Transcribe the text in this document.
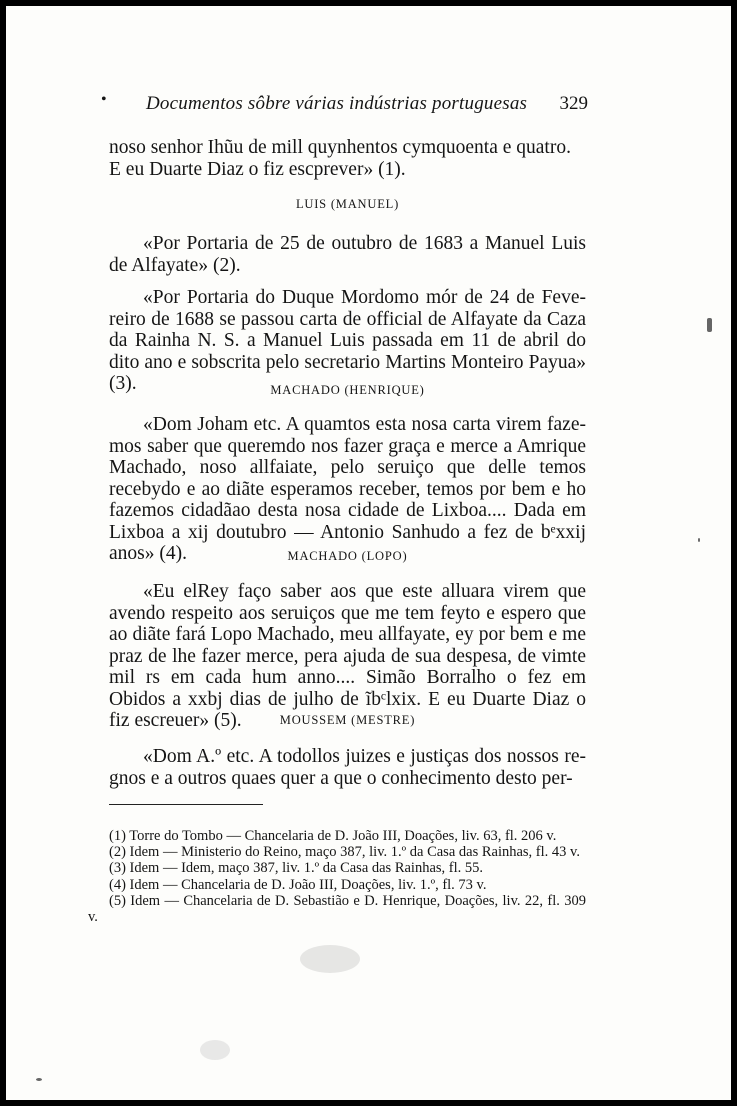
• Documentos sôbre várias indústrias portuguesas 329

noso senhor Ihũu de mill quynhentos cymquoenta e quatro.

E eu Duarte Diaz o fiz escprever» (1).

LUIS (MANUEL)

«Por Portaria de 25 de outubro de 1683 a Manuel Luis de Alfayate» (2).

«Por Portaria do Duque Mordomo mór de 24 de Fevereiro de 1688 se passou carta de official de Alfayate da Caza da Rainha N. S. a Manuel Luis passada em 11 de abril do dito ano e sobscrita pelo secretario Martins Monteiro Payua» (3).	MACHADO (HENRIQUE)

«Dom Joham etc. A quamtos esta nosa carta virem fazemos saber que queremdo nos fazer graça e merce a Amrique Machado, noso allfaiate, pelo seruiço que delle temos recebydo e ao diãte esperamos receber, temos por bem e ho fazemos cidadãao desta nosa cidade de Lixboa.... Dada em Lixboa a xij doutubro — Antonio Sanhudo a fez de bᵉxxij anos» (4).	MACHADO (LOPO)

«Eu elRey faço saber aos que este alluara virem que avendo respeito aos seruiços que me tem feyto e espero que ao diãte fará Lopo Machado, meu allfayate, ey por bem e me praz de lhe fazer merce, pera ajuda de sua despesa, de vimte mil rs em cada hum anno.... Simão Borralho o fez em Obidos a xxbj dias de julho de ĩbᶜlxix. E eu Duarte Diaz o fiz escreuer» (5).	MOUSSEM (MESTRE)

«Dom A.º etc. A todollos juizes e justiças dos nossos regnos e a outros quaes quer a que o conhecimento desto per-

(1) Torre do Tombo — Chancelaria de D. João III, Doações, liv. 63, fl. 206 v.
(2) Idem — Ministerio do Reino, maço 387, liv. 1.º da Casa das Rainhas, fl. 43 v.
(3) Idem — Idem, maço 387, liv. 1.º da Casa das Rainhas, fl. 55.
(4) Idem — Chancelaria de D. João III, Doações, liv. 1.º, fl. 73 v.
(5) Idem — Chancelaria de D. Sebastião e D. Henrique, Doações, liv. 22, fl. 309 v.
